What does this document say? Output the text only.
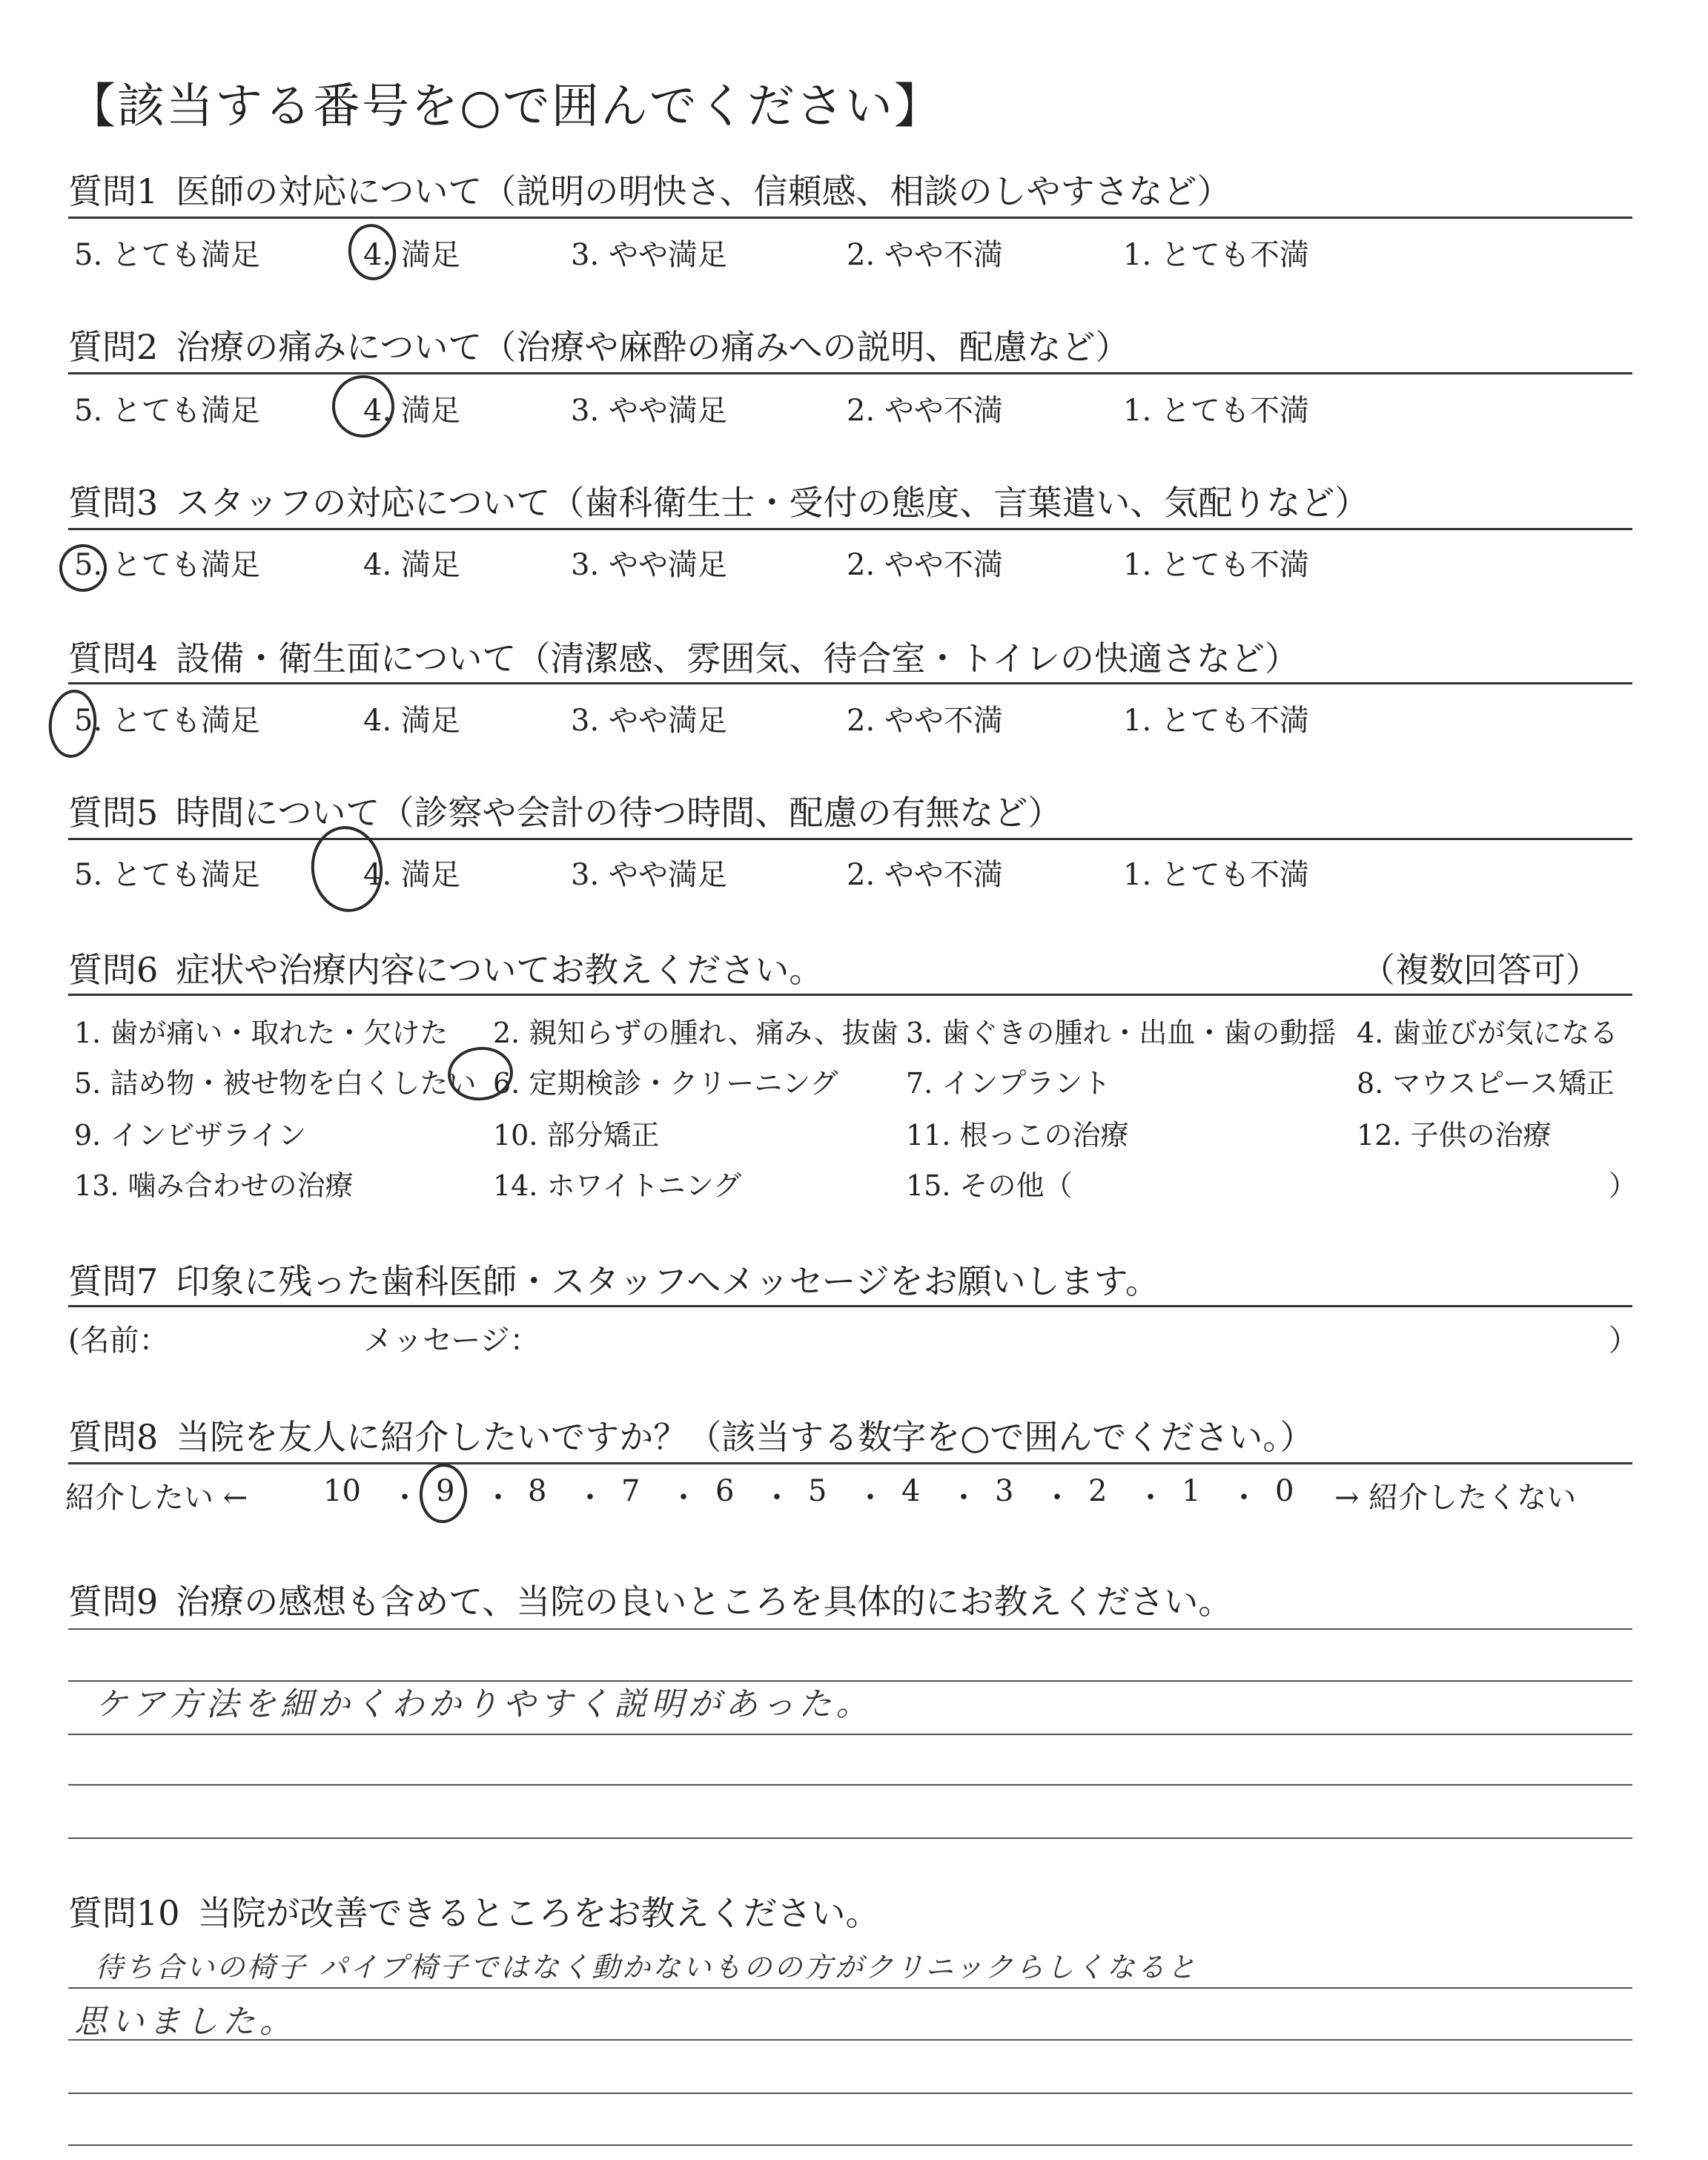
【該当する番号を○で囲んでください】
質問1 医師の対応について（説明の明快さ、信頼感、相談のしやすさなど）
5. とても満足	4. 満足	3. やや満足	2. やや不満	1. とても不満
質問2 治療の痛みについて（治療や麻酔の痛みへの説明、配慮など）
5. とても満足	4. 満足	3. やや満足	2. やや不満	1. とても不満
質問3 スタッフの対応について（歯科衛生士・受付の態度、言葉遣い、気配りなど）
5. とても満足	4. 満足	3. やや満足	2. やや不満	1. とても不満
質問4 設備・衛生面について（清潔感、雰囲気、待合室・トイレの快適さなど）
5. とても満足	4. 満足	3. やや満足	2. やや不満	1. とても不満
質問5 時間について（診察や会計の待つ時間、配慮の有無など）
5. とても満足	4. 満足	3. やや満足	2. やや不満	1. とても不満
質問6 症状や治療内容についてお教えください。	（複数回答可）
1. 歯が痛い・取れた・欠けた 2. 親知らずの腫れ、痛み、抜歯 3. 歯ぐきの腫れ・出血・歯の動揺 4. 歯並びが気になる
5. 詰め物・被せ物を白くしたい 6. 定期検診・クリーニング 7. インプラント	8. マウスピース矯正
9. インビザライン	10. 部分矯正	11. 根っこの治療	12. 子供の治療
13. 噛み合わせの治療	14. ホワイトニング	15. その他（	）
質問7 印象に残った歯科医師・スタッフへメッセージをお願いします。
(名前：	メッセージ：	）
質問8 当院を友人に紹介したいですか？（該当する数字を○で囲んでください。）
紹介したい ←	10 ・ 9 ・ 8 ・ 7 ・ 6 ・ 5 ・ 4 ・ 3 ・ 2 ・ 1 ・ 0 → 紹介したくない
質問9 治療の感想も含めて、当院の良いところを具体的にお教えください。
ケア方法を細かくわかりやすく説明があった。
質問10 当院が改善できるところをお教えください。
待ち合いの椅子 パイプ椅子ではなく動かないものの方がクリニックらしくなると
思いました。
